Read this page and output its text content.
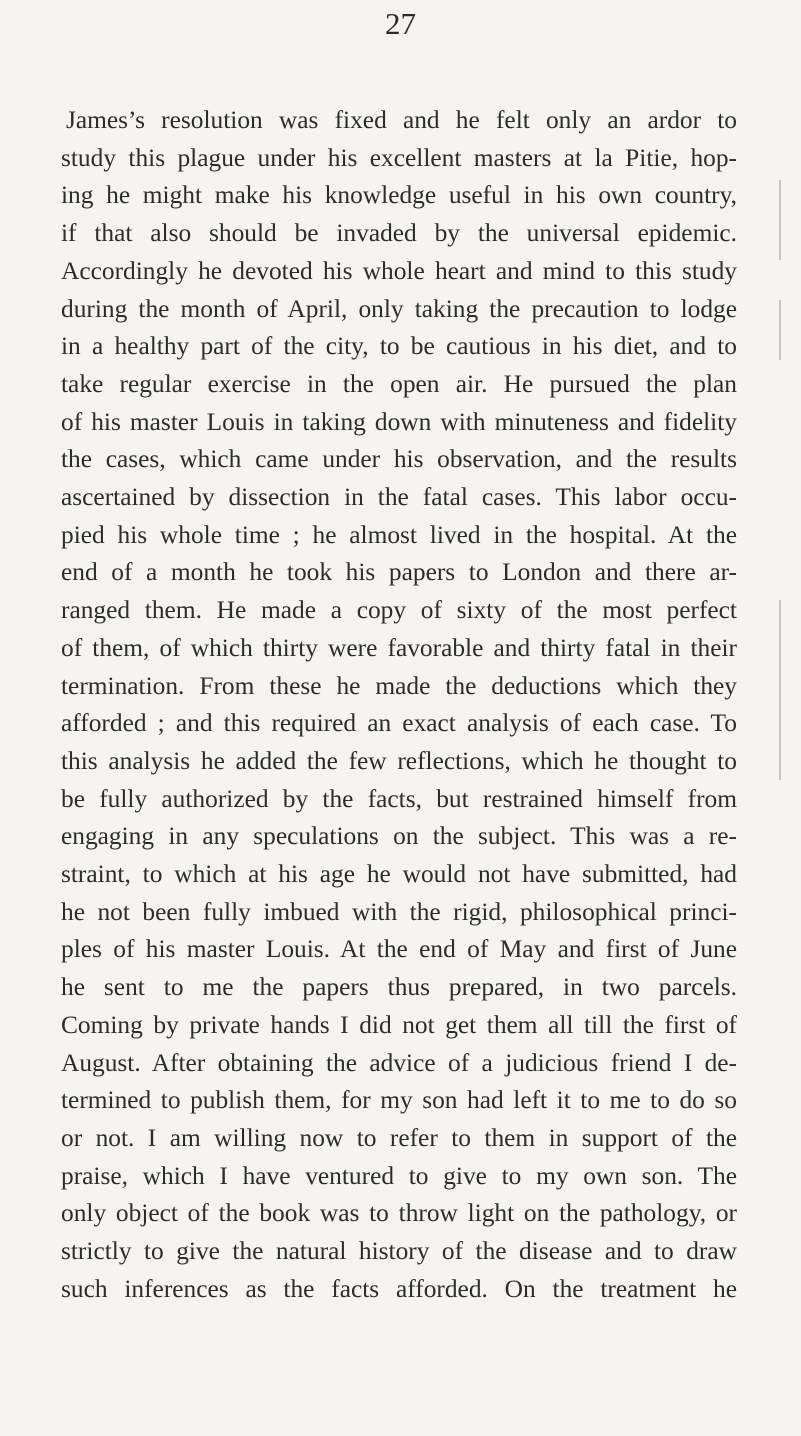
27
James’s resolution was fixed and he felt only an ardor to
study this plague under his excellent masters at la Pitie, hop-
ing he might make his knowledge useful in his own country,
if that also should be invaded by the universal epidemic.
Accordingly he devoted his whole heart and mind to this study
during the month of April, only taking the precaution to lodge
in a healthy part of the city, to be cautious in his diet, and to
take regular exercise in the open air. He pursued the plan
of his master Louis in taking down with minuteness and fidelity
the cases, which came under his observation, and the results
ascertained by dissection in the fatal cases. This labor occu-
pied his whole time ; he almost lived in the hospital. At the
end of a month he took his papers to London and there ar-
ranged them. He made a copy of sixty of the most perfect
of them, of which thirty were favorable and thirty fatal in their
termination. From these he made the deductions which they
afforded ; and this required an exact analysis of each case. To
this analysis he added the few reflections, which he thought to
be fully authorized by the facts, but restrained himself from
engaging in any speculations on the subject. This was a re-
straint, to which at his age he would not have submitted, had
he not been fully imbued with the rigid, philosophical princi-
ples of his master Louis. At the end of May and first of June
he sent to me the papers thus prepared, in two parcels.
Coming by private hands I did not get them all till the first of
August. After obtaining the advice of a judicious friend I de-
termined to publish them, for my son had left it to me to do so
or not. I am willing now to refer to them in support of the
praise, which I have ventured to give to my own son. The
only object of the book was to throw light on the pathology, or
strictly to give the natural history of the disease and to draw
such inferences as the facts afforded. On the treatment he
